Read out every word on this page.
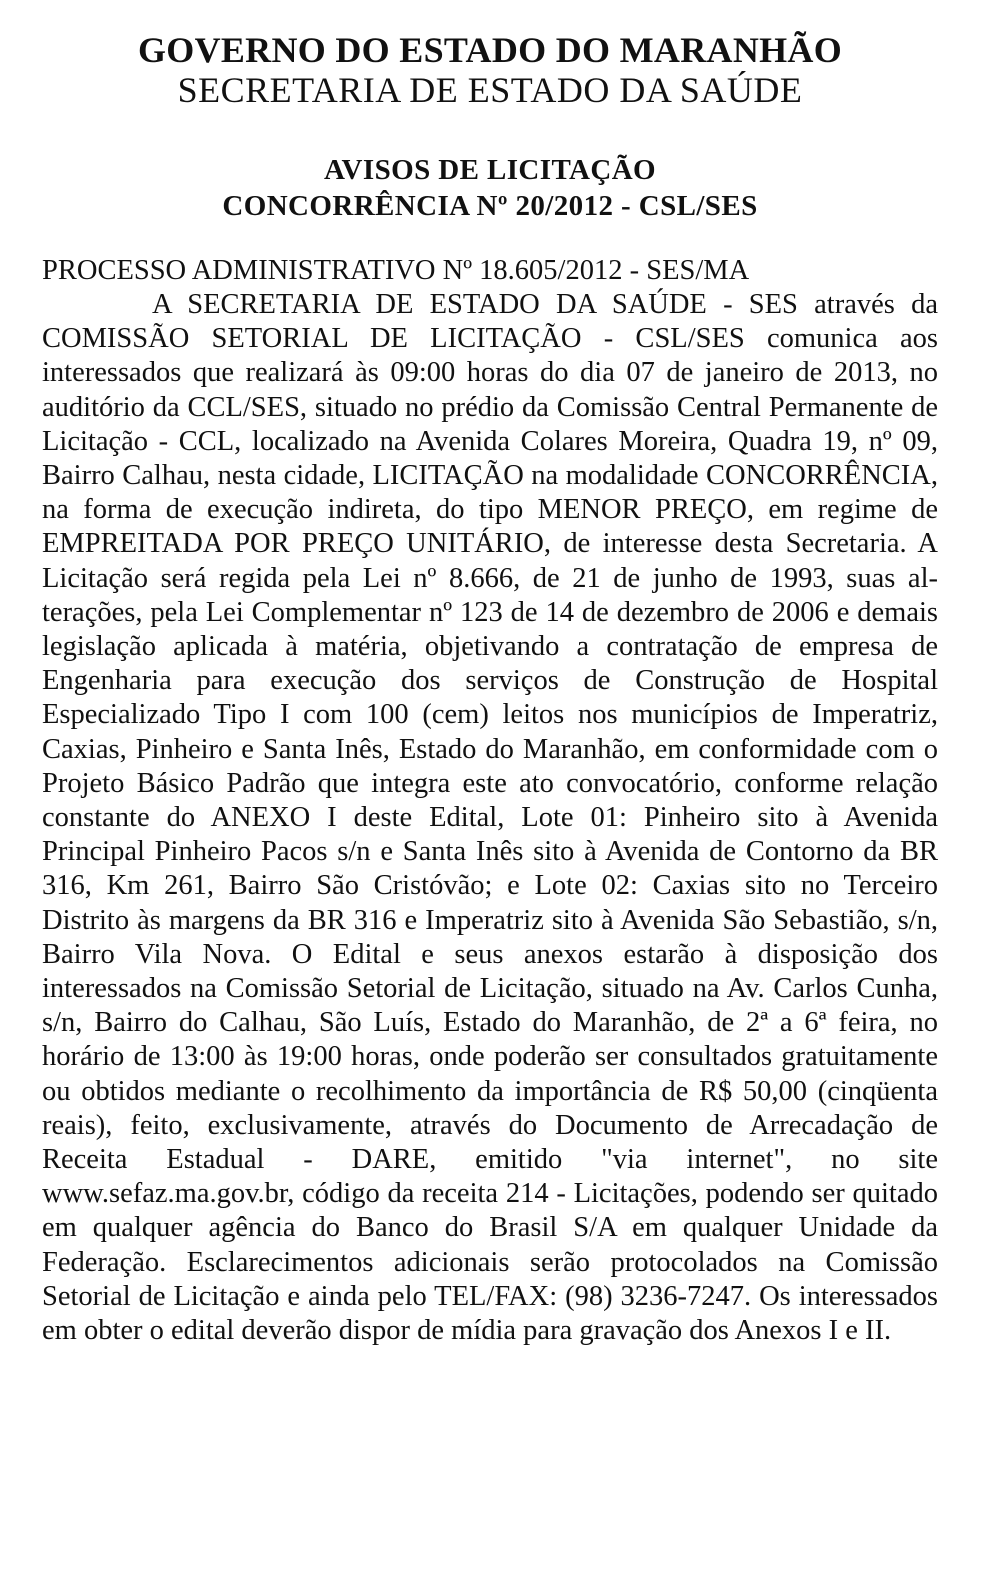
GOVERNO DO ESTADO DO MARANHÃO
SECRETARIA DE ESTADO DA SAÚDE
AVISOS DE LICITAÇÃO
CONCORRÊNCIA Nº 20/2012 - CSL/SES
PROCESSO ADMINISTRATIVO Nº 18.605/2012 - SES/MA

A SECRETARIA DE ESTADO DA SAÚDE - SES através da COMISSÃO SETORIAL DE LICITAÇÃO - CSL/SES comunica aos interessados que realizará às 09:00 horas do dia 07 de janeiro de 2013, no auditório da CCL/SES, situado no prédio da Comissão Central Permanente de Licitação - CCL, localizado na Avenida Colares Moreira, Quadra 19, nº 09, Bairro Calhau, nesta cidade, LICITAÇÃO na modalidade CONCORRÊNCIA, na forma de execução indireta, do tipo MENOR PREÇO, em regime de EMPREITADA POR PREÇO UNITÁRIO, de interesse desta Secretaria. A Licitação será regida pela Lei nº 8.666, de 21 de junho de 1993, suas alterações, pela Lei Complementar nº 123 de 14 de dezembro de 2006 e demais legislação aplicada à matéria, objetivando a contratação de empresa de Engenharia para execução dos serviços de Construção de Hospital Especializado Tipo I com 100 (cem) leitos nos municípios de Imperatriz, Caxias, Pinheiro e Santa Inês, Estado do Maranhão, em conformidade com o Projeto Básico Padrão que integra este ato convocatório, conforme relação constante do ANEXO I deste Edital, Lote 01: Pinheiro sito à Avenida Principal Pinheiro Pacos s/n e Santa Inês sito à Avenida de Contorno da BR 316, Km 261, Bairro São Cristóvão; e Lote 02: Caxias sito no Terceiro Distrito às margens da BR 316 e Imperatriz sito à Avenida São Sebastião, s/n, Bairro Vila Nova. O Edital e seus anexos estarão à disposição dos interessados na Comissão Setorial de Licitação, situado na Av. Carlos Cunha, s/n, Bairro do Calhau, São Luís, Estado do Maranhão, de 2ª a 6ª feira, no horário de 13:00 às 19:00 horas, onde poderão ser consultados gratuitamente ou obtidos mediante o recolhimento da importância de R$ 50,00 (cinqüenta reais), feito, exclusivamente, através do Documento de Arrecadação de Receita Estadual - DARE, emitido "via internet", no site www.sefaz.ma.gov.br, código da receita 214 - Licitações, podendo ser quitado em qualquer agência do Banco do Brasil S/A em qualquer Unidade da Federação. Esclarecimentos adicionais serão protocolados na Comissão Setorial de Licitação e ainda pelo TEL/FAX: (98) 3236-7247. Os interessados em obter o edital deverão dispor de mídia para gravação dos Anexos I e II.
